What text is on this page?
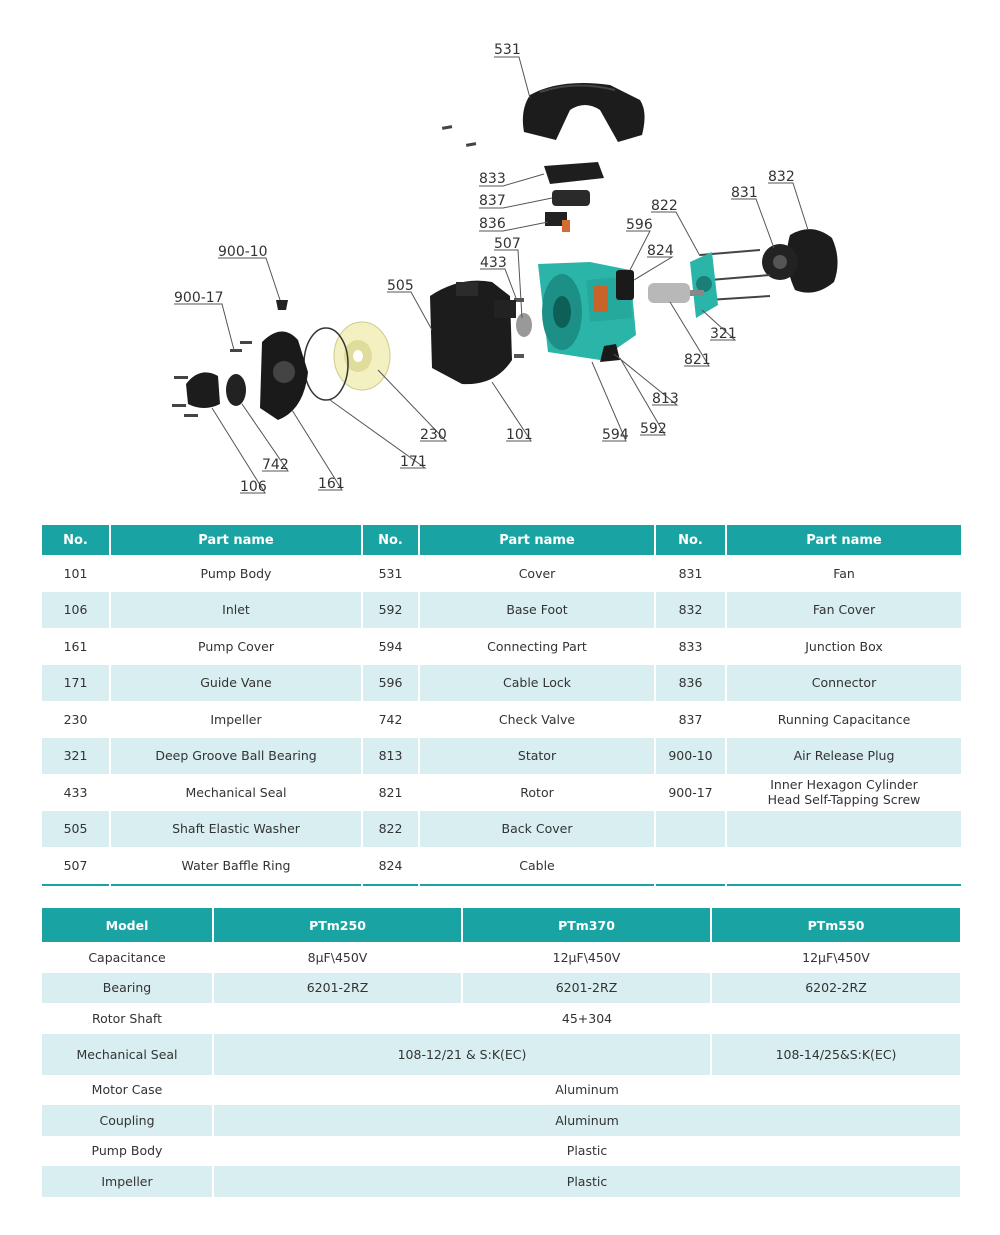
531
833
837
836
507
433
596
822
824
831
832
900-10
900-17
505
321
821
813
592
594
101
230
171
742
161
106
No.	Part name	No.	Part name	No.	Part name
101	Pump Body	531	Cover	831	Fan
106	Inlet	592	Base Foot	832	Fan Cover
161	Pump Cover	594	Connecting Part	833	Junction Box
171	Guide Vane	596	Cable Lock	836	Connector
230	Impeller	742	Check Valve	837	Running Capacitance
321	Deep Groove Ball Bearing	813	Stator	900-10	Air Release Plug
433	Mechanical Seal	821	Rotor	900-17	Inner Hexagon Cylinder Head Self-Tapping Screw
505	Shaft Elastic Washer	822	Back Cover		
507	Water Baffle Ring	824	Cable		
Model	PTm250	PTm370	PTm550
Capacitance	8μF\450V	12μF\450V	12μF\450V
Bearing	6201-2RZ	6201-2RZ	6202-2RZ
Rotor Shaft	45+304		
Mechanical Seal	108-12/21 & S:K(EC)		108-14/25&S:K(EC)
Motor Case	Aluminum		
Coupling	Aluminum		
Pump Body	Plastic		
Impeller	Plastic		
